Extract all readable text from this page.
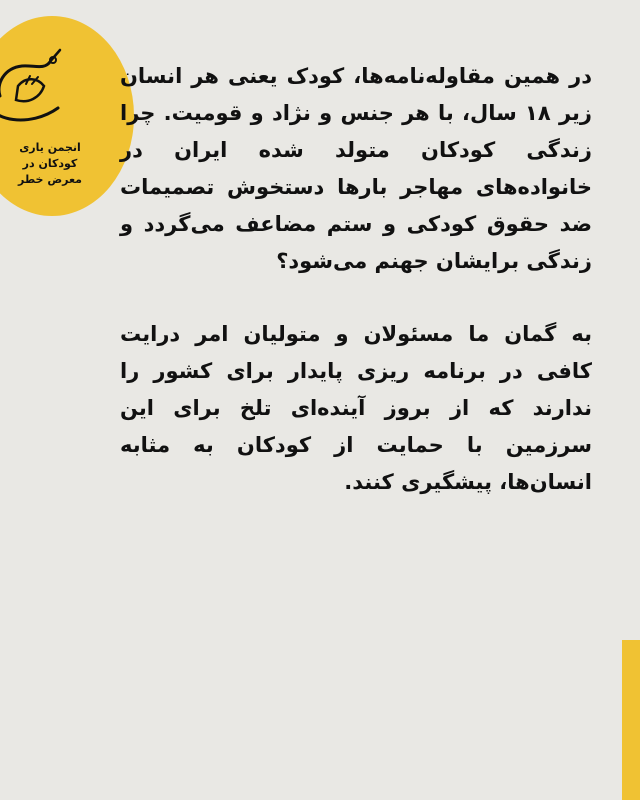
انجمن یاری کودکان در معرض خطر

در همین مقاوله‌نامه‌ها، کودک یعنی هر انسان زیر ۱۸ سال، با هر جنس و نژاد و قومیت. چرا زندگی کودکان متولد شده ایران در خانواده‌های مهاجر بارها دستخوش تصمیمات ضد حقوق کودکی و ستم مضاعف می‌گردد و زندگی برایشان جهنم می‌شود؟

به گمان ما مسئولان و متولیان امر درایت کافی در برنامه ریزی پایدار برای کشور را ندارند که از بروز آینده‌ای تلخ برای این سرزمین با حمایت از کودکان به مثابه انسان‌ها، پیشگیری کنند.
